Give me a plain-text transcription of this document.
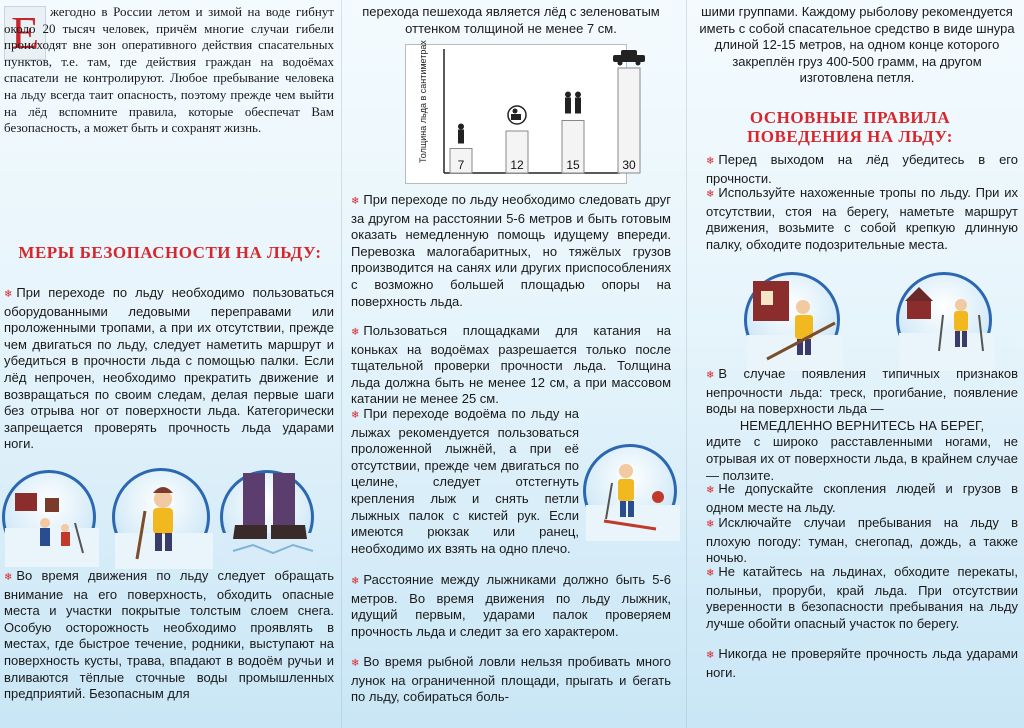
Е жегодно в России летом и зимой на воде гибнут около 20 тысяч человек, причём многие случаи гибели происходят вне зон оперативного действия спасательных пунктов, т.е. там, где действия граждан на водоёмах спасатели не контролируют. Любое пребывание человека на льду всегда таит опасность, поэтому прежде чем выйти на лёд вспомните правила, которые обеспечат Вам безопасность, а может быть и сохранят жизнь.

МЕРЫ БЕЗОПАСНОСТИ НА ЛЬДУ:

❄ При переходе по льду необходимо пользоваться оборудованными ледовыми переправами или проложенными тропами, а при их отсутствии, прежде чем двигаться по льду, следует наметить маршрут и убедиться в прочности льда с помощью палки. Если лёд непрочен, необходимо прекратить движение и возвращаться по своим следам, делая первые шаги без отрыва ног от поверхности льда. Категорически запрещается проверять прочность льда ударами ноги.

❄ Во время движения по льду следует обращать внимание на его поверхность, обходить опасные места и участки покрытые толстым слоем снега. Особую осторожность необходимо проявлять в местах, где быстрое течение, родники, выступают на поверхность кусты, трава, впадают в водоём ручьи и вливаются тёплые сточные воды промышленных предприятий. Безопасным для

перехода пешехода является лёд с зеленоватым оттенком толщиной не менее 7 см.

Толщина льда в сантиметрах
7	12	15	30

❄ При переходе по льду необходимо следовать друг за другом на расстоянии 5-6 метров и быть готовым оказать немедленную помощь идущему впереди. Перевозка малогабаритных, но тяжёлых грузов производится на санях или других приспособлениях с возможно большей площадью опоры на поверхность льда.

❄ Пользоваться площадками для катания на коньках на водоёмах разрешается только после тщательной проверки прочности льда. Толщина льда должна быть не менее 12 см, а при массовом катании не менее 25 см.

❄ При переходе водоёма по льду на лыжах рекомендуется пользоваться проложенной лыжнёй, а при её отсутствии, прежде чем двигаться по целине, следует отстегнуть крепления лыж и снять петли лыжных палок с кистей рук. Если имеются рюкзак или ранец, необходимо их взять на одно плечо.

❄ Расстояние между лыжниками должно быть 5-6 метров. Во время движения по льду лыжник, идущий первым, ударами палок проверяем прочность льда и следит за его характером.

❄ Во время рыбной ловли нельзя пробивать много лунок на ограниченной площади, прыгать и бегать по льду, собираться боль-

шими группами. Каждому рыболову рекомендуется иметь с собой спасательное средство в виде шнура длиной 12-15 метров, на одном конце которого закреплён груз 400-500 грамм, на другом изготовлена петля.

ОСНОВНЫЕ ПРАВИЛА ПОВЕДЕНИЯ НА ЛЬДУ:

❄ Перед выходом на лёд убедитесь в его прочности.

❄ Используйте нахоженные тропы по льду. При их отсутствии, стоя на берегу, наметьте маршрут движения, возьмите с собой крепкую длинную палку, обходите подозрительные места.

❄ В случае появления типичных признаков непрочности льда: треск, прогибание, появление воды на поверхности льда —
НЕМЕДЛЕННО ВЕРНИТЕСЬ НА БЕРЕГ,
идите с широко расставленными ногами, не отрывая их от поверхности льда, в крайнем случае — ползите.

❄ Не допускайте скопления людей и грузов в одном месте на льду.

❄ Исключайте случаи пребывания на льду в плохую погоду: туман, снегопад, дождь, а также ночью.

❄ Не катайтесь на льдинах, обходите перекаты, полыньи, проруби, край льда. При отсутствии уверенности в безопасности пребывания на льду лучше обойти опасный участок по берегу.

❄ Никогда не проверяйте прочность льда ударами ноги.
